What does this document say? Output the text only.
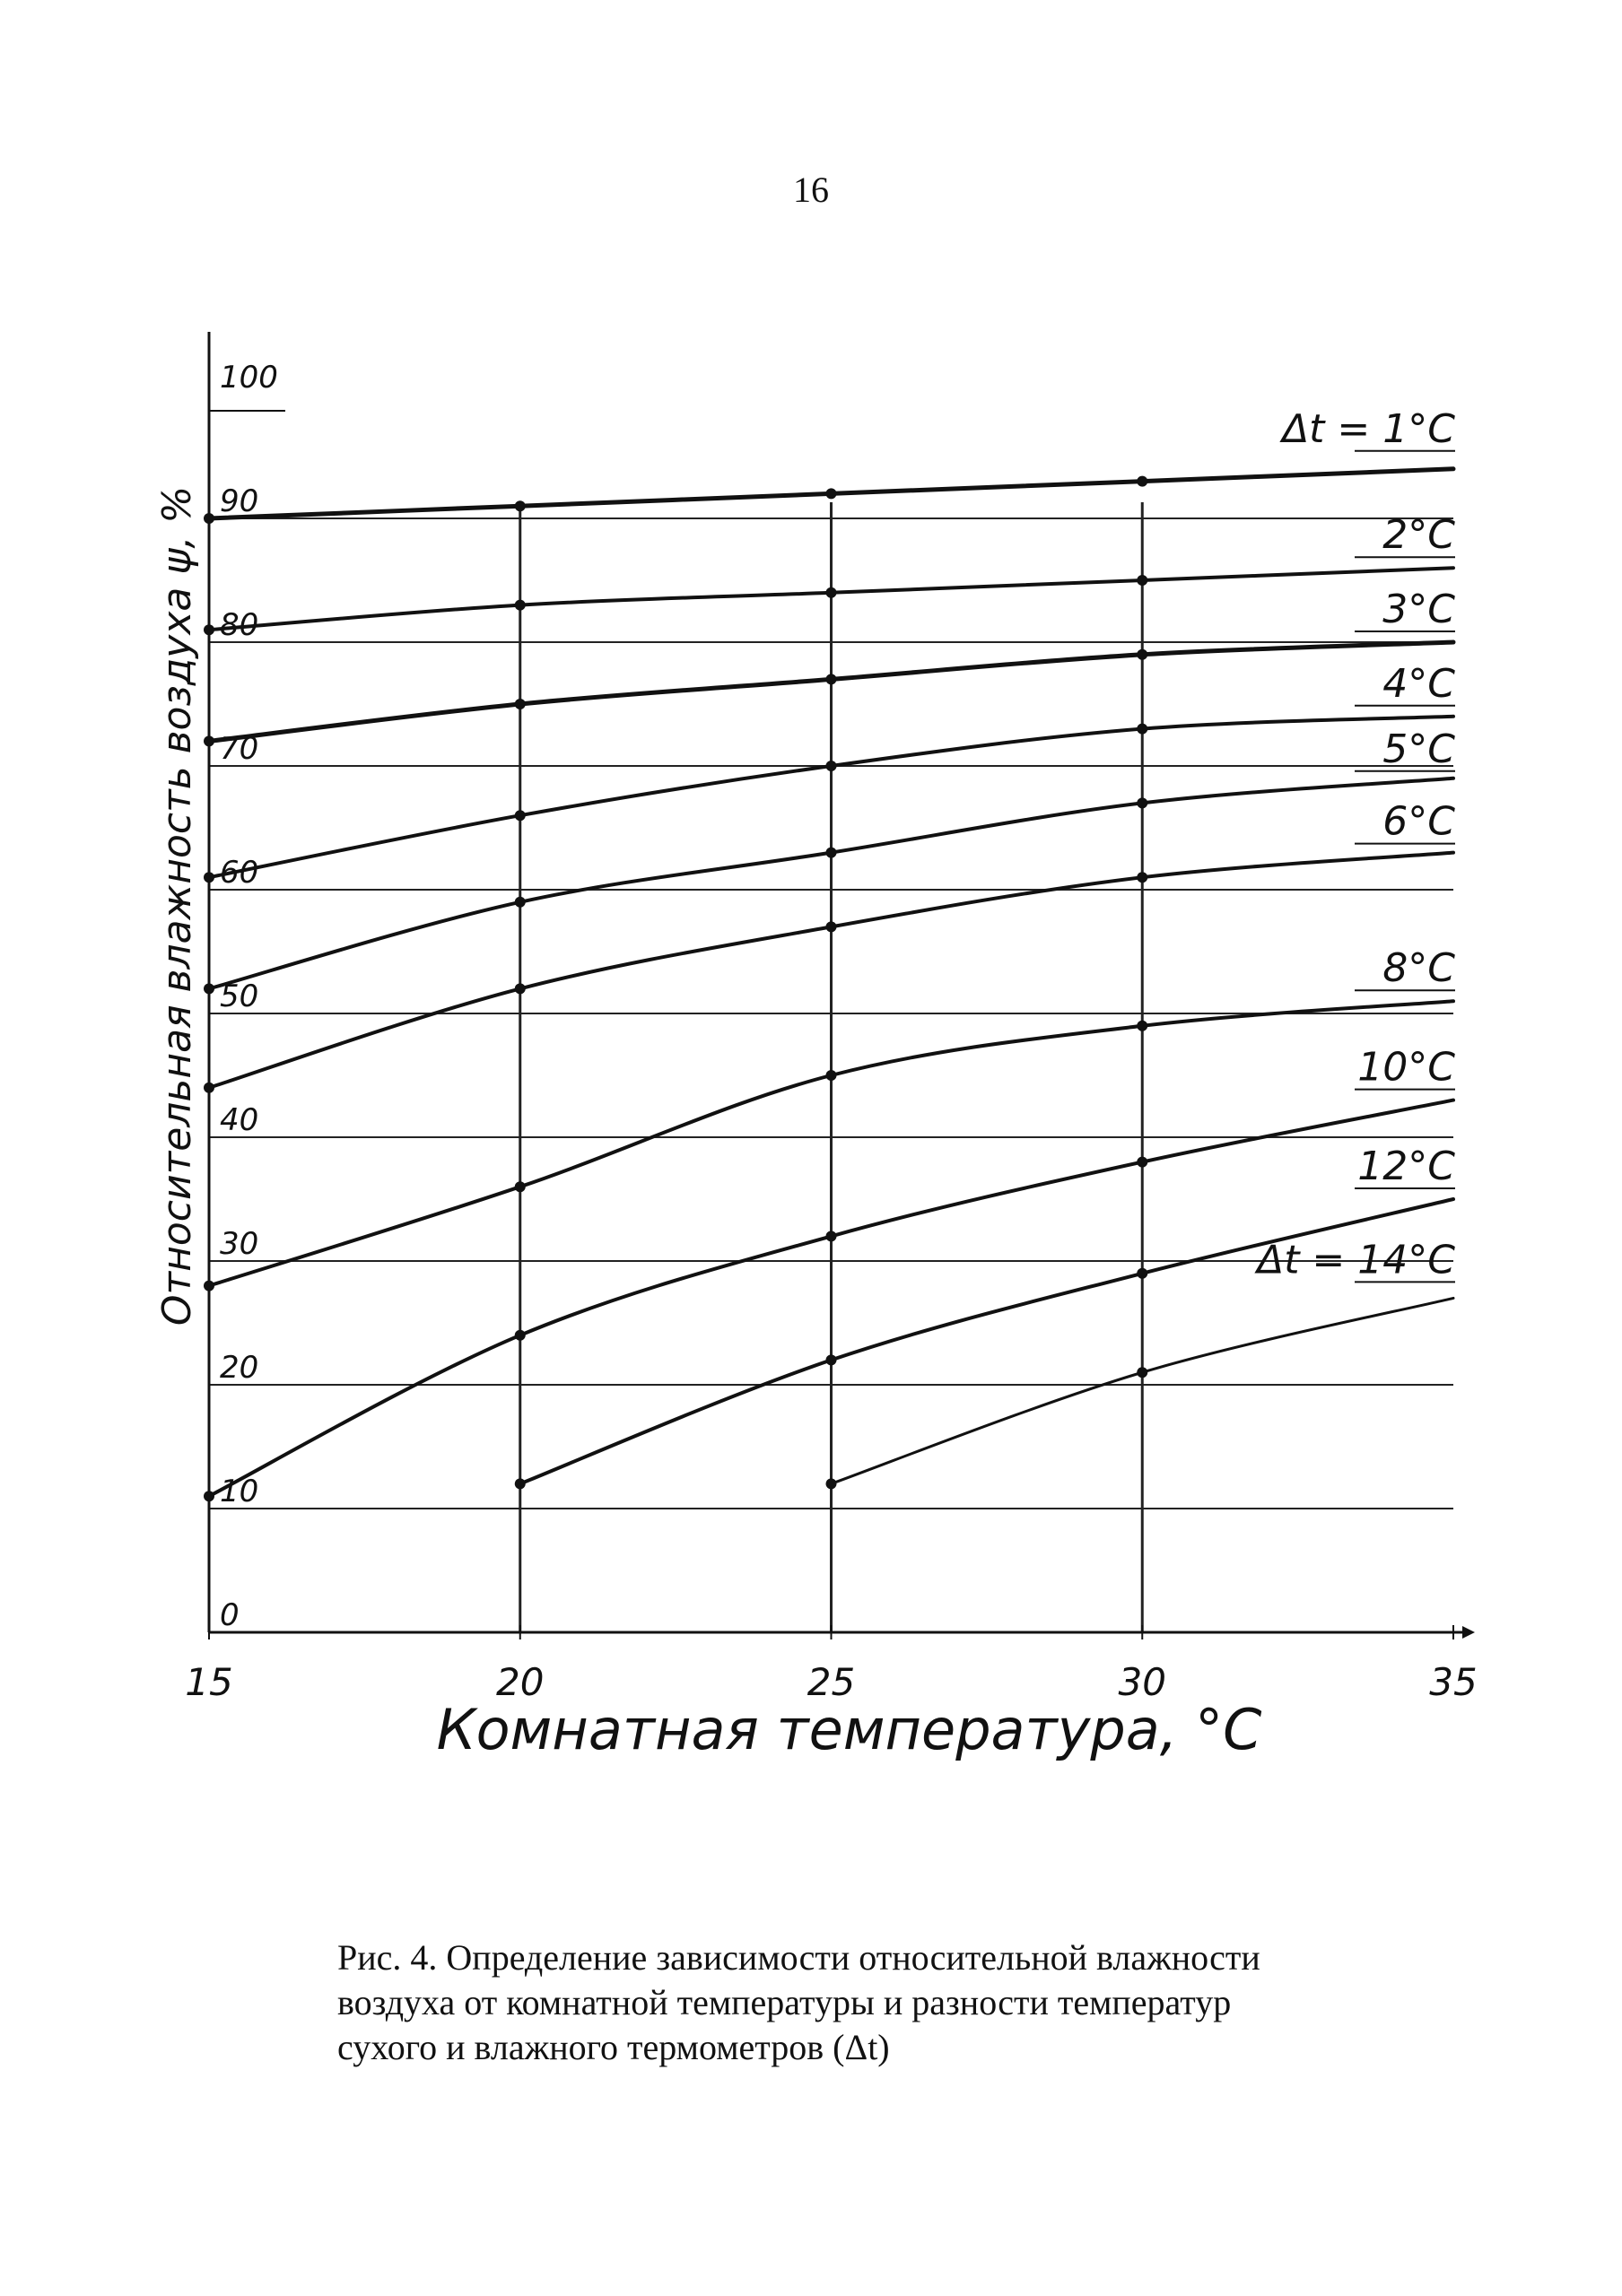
16
0
10
20
30
40
50
60
70
80
90
100
15	20	25	30	35
Δt = 1°C
2°C
3°C
4°C
5°C
6°C
8°C
10°C
12°C
Δt = 14°C
Комнатная температура, °C
Относительная влажность воздуха ψ, %
Рис. 4. Определение зависимости относительной влажности
воздуха от комнатной температуры и разности температур
сухого и влажного термометров (Δt)
